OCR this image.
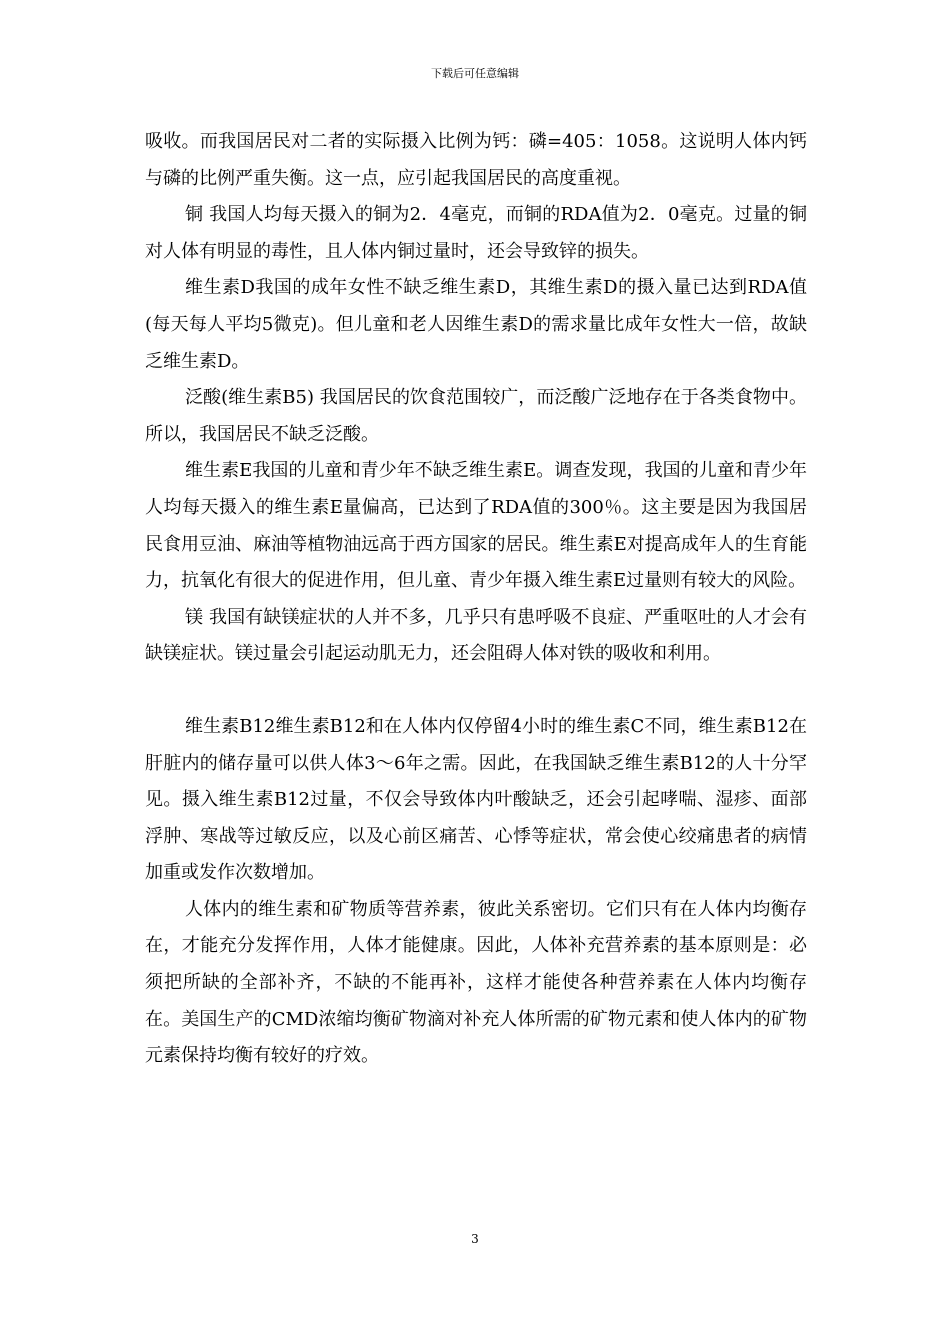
下载后可任意编辑

吸收。而我国居民对二者的实际摄入比例为钙：磷=405：1058。这说明人体内钙与磷的比例严重失衡。这一点，应引起我国居民的高度重视。

铜 我国人均每天摄入的铜为2．4毫克，而铜的RDA值为2．0毫克。过量的铜对人体有明显的毒性，且人体内铜过量时，还会导致锌的损失。

维生素D我国的成年女性不缺乏维生素D，其维生素D的摄入量已达到RDA值(每天每人平均5微克)。但儿童和老人因维生素D的需求量比成年女性大一倍，故缺乏维生素D。

泛酸(维生素B5) 我国居民的饮食范围较广，而泛酸广泛地存在于各类食物中。所以，我国居民不缺乏泛酸。

维生素E我国的儿童和青少年不缺乏维生素E。调查发现，我国的儿童和青少年人均每天摄入的维生素E量偏高，已达到了RDA值的300％。这主要是因为我国居民食用豆油、麻油等植物油远高于西方国家的居民。维生素E对提高成年人的生育能力，抗氧化有很大的促进作用，但儿童、青少年摄入维生素E过量则有较大的风险。

镁 我国有缺镁症状的人并不多，几乎只有患呼吸不良症、严重呕吐的人才会有缺镁症状。镁过量会引起运动肌无力，还会阻碍人体对铁的吸收和利用。

维生素B12维生素B12和在人体内仅停留4小时的维生素C不同，维生素B12在肝脏内的储存量可以供人体3～6年之需。因此，在我国缺乏维生素B12的人十分罕见。摄入维生素B12过量，不仅会导致体内叶酸缺乏，还会引起哮喘、湿疹、面部浮肿、寒战等过敏反应，以及心前区痛苦、心悸等症状，常会使心绞痛患者的病情加重或发作次数增加。

人体内的维生素和矿物质等营养素，彼此关系密切。它们只有在人体内均衡存在，才能充分发挥作用，人体才能健康。因此，人体补充营养素的基本原则是：必须把所缺的全部补齐，不缺的不能再补，这样才能使各种营养素在人体内均衡存在。美国生产的CMD浓缩均衡矿物滴对补充人体所需的矿物元素和使人体内的矿物元素保持均衡有较好的疗效。

3
